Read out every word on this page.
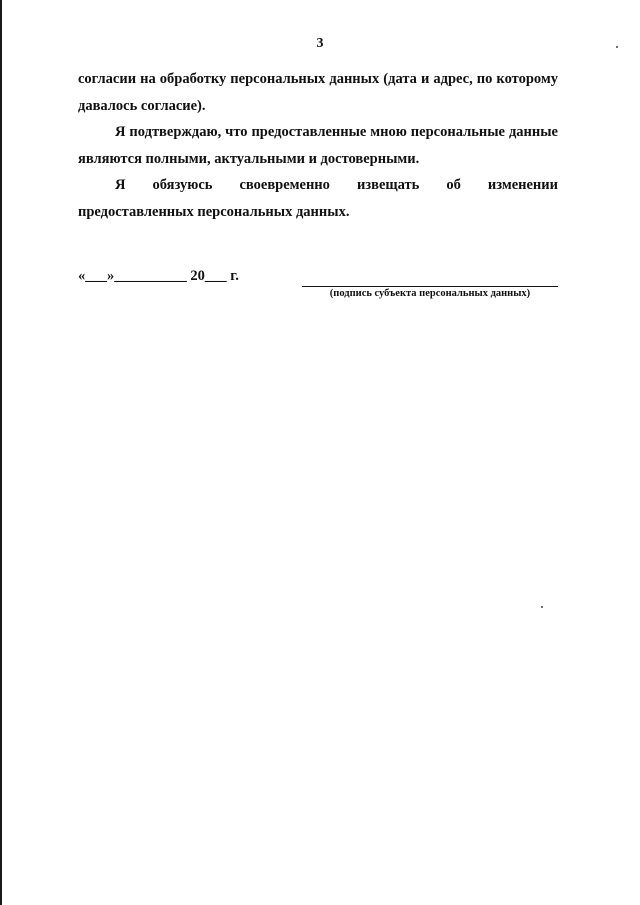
3

согласии на обработку персональных данных (дата и адрес, по которому давалось согласие).

Я подтверждаю, что предоставленные мною персональные данные являются полными, актуальными и достоверными.

Я обязуюсь своевременно извещать об изменении предоставленных персональных данных.

«___»__________ 20___ г.
(подпись субъекта персональных данных)
